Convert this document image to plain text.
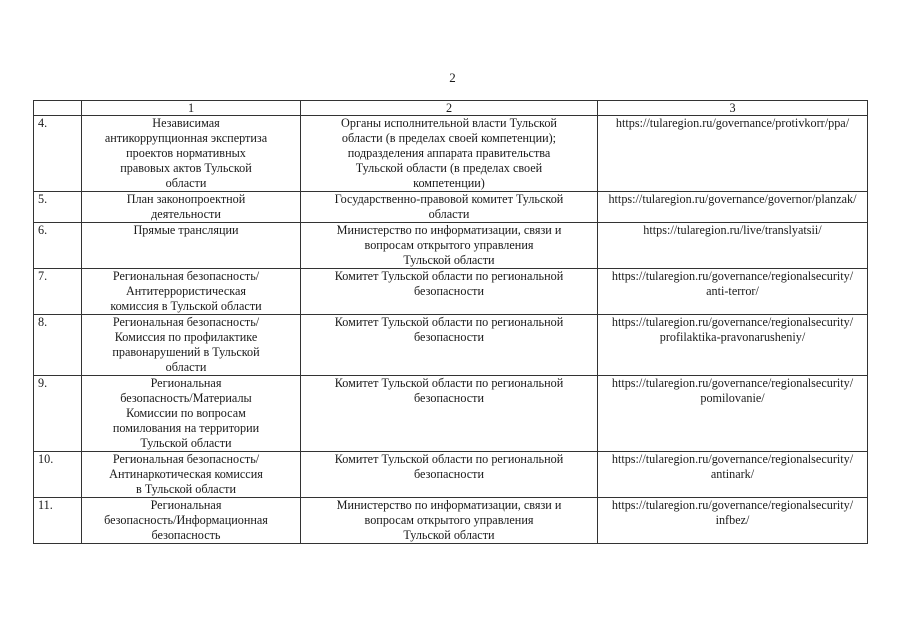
2
	1	2	3
4.	Независимая
антикоррупционная экспертиза
проектов нормативных
правовых актов Тульской
области	Органы исполнительной власти Тульской
области (в пределах своей компетенции);
подразделения аппарата правительства
Тульской области (в пределах своей
компетенции)	https://tularegion.ru/governance/protivkorr/ppa/

5.	План законопроектной
деятельности	Государственно-правовой комитет Тульской
области	https://tularegion.ru/governance/governor/planzak/

6.	Прямые трансляции	Министерство по информатизации, связи и
вопросам открытого управления
Тульской области	https://tularegion.ru/live/translyatsii/

7.	Региональная безопасность/
Антитеррористическая
комиссия в Тульской области	Комитет Тульской области по региональной
безопасности	https://tularegion.ru/governance/regionalsecurity/
anti-terror/

8.	Региональная безопасность/
Комиссия по профилактике
правонарушений в Тульской
области	Комитет Тульской области по региональной
безопасности	https://tularegion.ru/governance/regionalsecurity/
profilaktika-pravonarusheniy/

9.	Региональная
безопасность/Материалы
Комиссии по вопросам
помилования на территории
Тульской области	Комитет Тульской области по региональной
безопасности	https://tularegion.ru/governance/regionalsecurity/
pomilovanie/

10.	Региональная безопасность/
Антинаркотическая комиссия
в Тульской области	Комитет Тульской области по региональной
безопасности	https://tularegion.ru/governance/regionalsecurity/
antinark/

11.	Региональная
безопасность/Информационная
безопасность	Министерство по информатизации, связи и
вопросам открытого управления
Тульской области	https://tularegion.ru/governance/regionalsecurity/
infbez/
